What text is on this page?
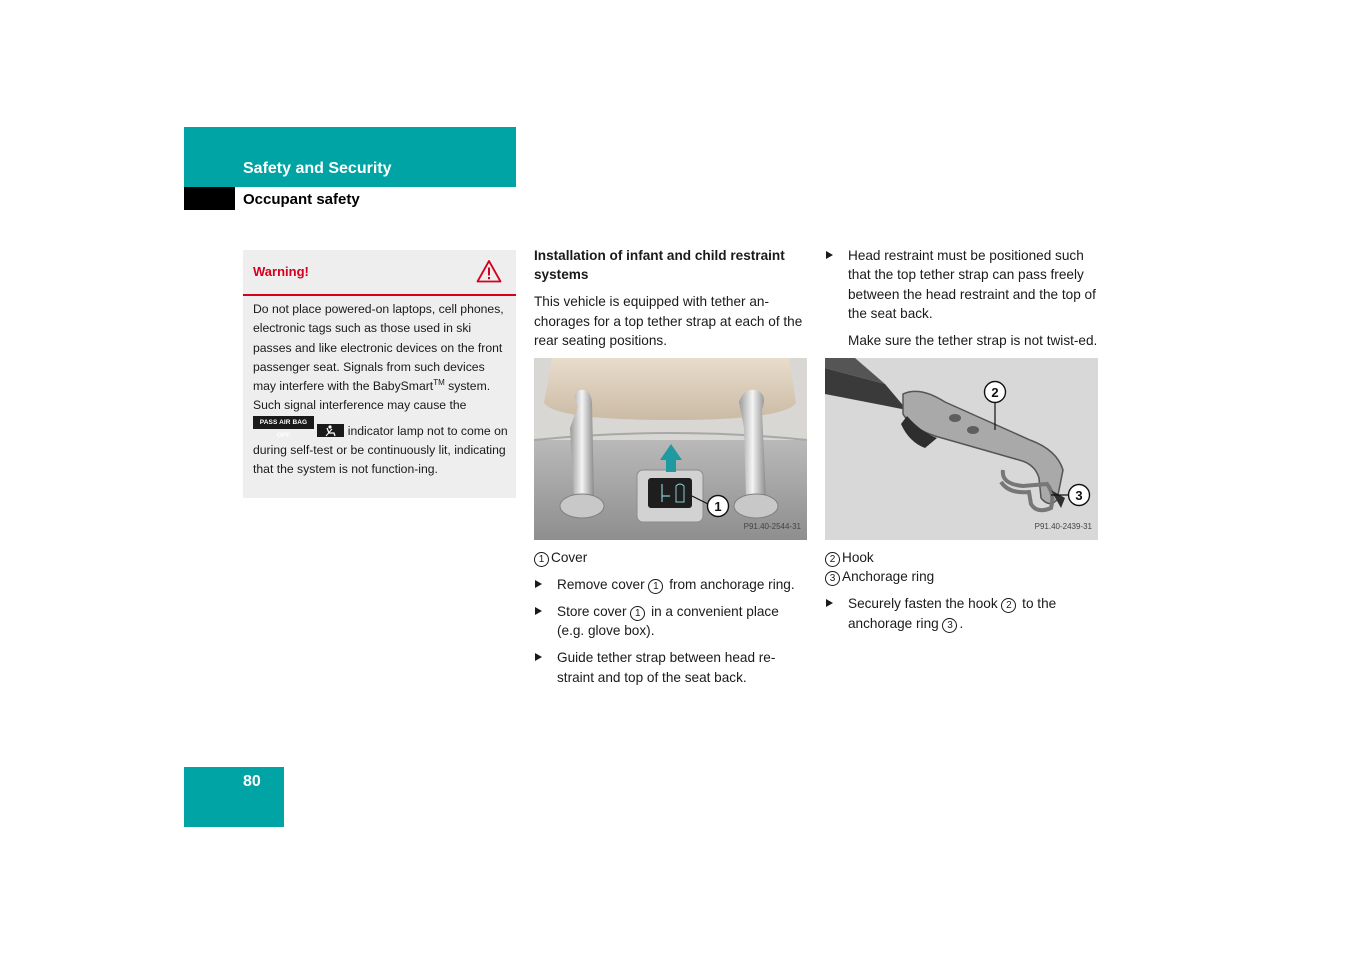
Safety and Security
Occupant safety
Warning!
Do not place powered-on laptops, cell phones, electronic tags such as those used in ski passes and like electronic devices on the front passenger seat. Signals from such devices may interfere with the BabySmart™ system. Such signal interference may cause the PASS AIR BAG OFF	indicator lamp not to come on during self-test or be continuously lit, indicating that the system is not function-ing.

Installation of infant and child restraint systems

This vehicle is equipped with tether an-chorages for a top tether strap at each of the rear seating positions.

1
P91.40-2544-31

1 Cover

Remove cover 1 from anchorage ring.

Store cover 1 in a convenient place (e.g. glove box).

Guide tether strap between head re-straint and top of the seat back.

Head restraint must be positioned such that the top tether strap can pass freely between the head restraint and the top of the seat back.

Make sure the tether strap is not twist-ed.

2
3
P91.40-2439-31

2 Hook

3 Anchorage ring

Securely fasten the hook 2 to the anchorage ring 3 .

80
